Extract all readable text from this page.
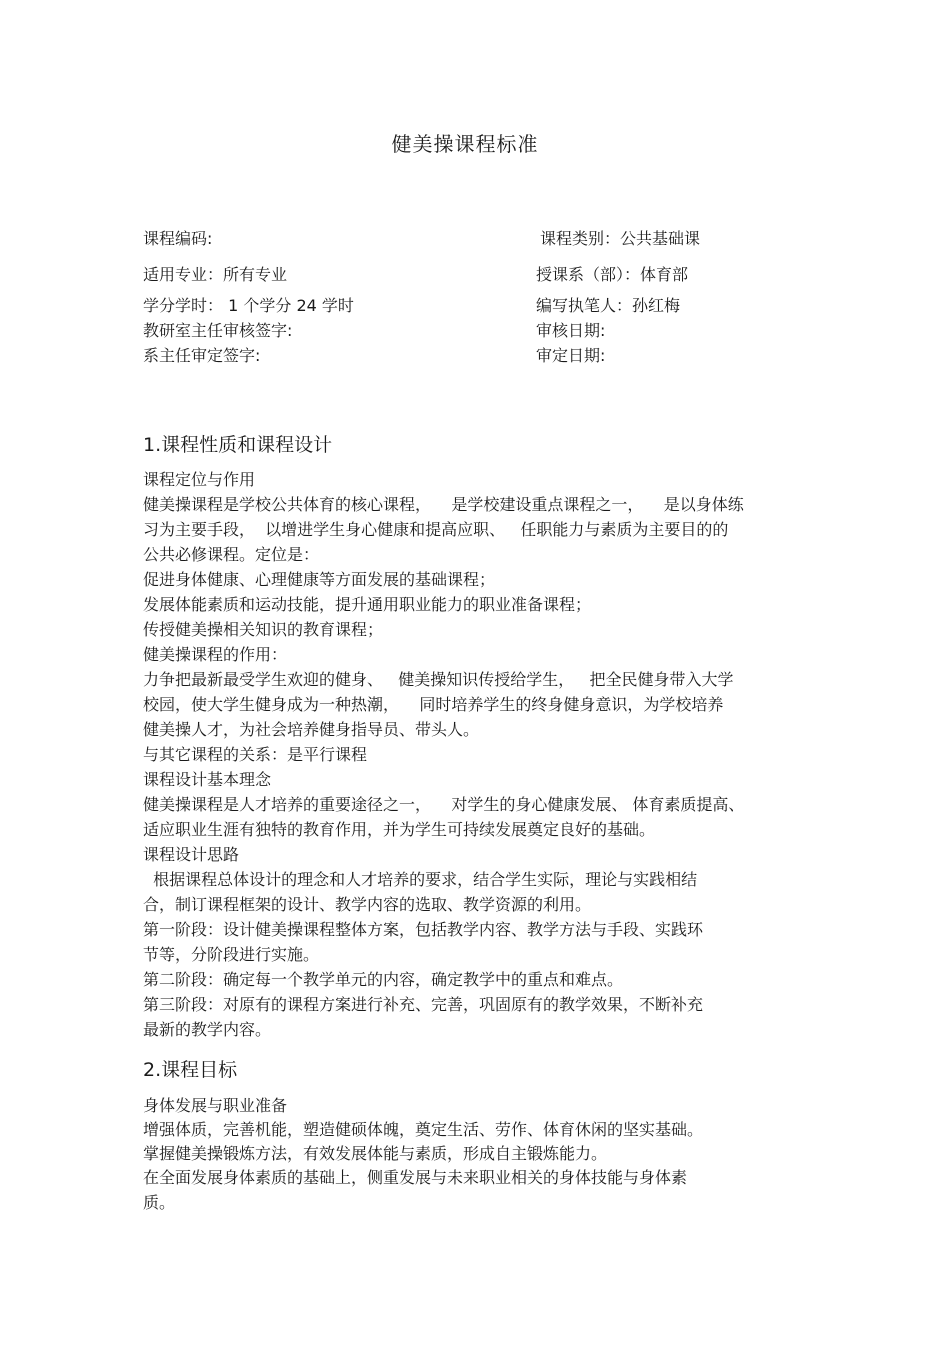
健美操课程标准
课程编码:	课程类别：公共基础课
适用专业：所有专业	授课系（部）：体育部
学分学时： 1 个学分 24 学时	编写执笔人：孙红梅
教研室主任审核签字:	审核日期:
系主任审定签字:	审定日期:
1.课程性质和课程设计
课程定位与作用
健美操课程是学校公共体育的核心课程，    是学校建设重点课程之一，    是以身体练
习为主要手段，  以增进学生身心健康和提高应职、   任职能力与素质为主要目的的
公共必修课程。定位是：
促进身体健康、心理健康等方面发展的基础课程；
发展体能素质和运动技能，提升通用职业能力的职业准备课程；
传授健美操相关知识的教育课程；
健美操课程的作用：
力争把最新最受学生欢迎的健身、   健美操知识传授给学生，   把全民健身带入大学
校园，使大学生健身成为一种热潮，    同时培养学生的终身健身意识，为学校培养
健美操人才，为社会培养健身指导员、带头人。
与其它课程的关系：是平行课程
课程设计基本理念
健美操课程是人才培养的重要途径之一，    对学生的身心健康发展、 体育素质提高、
适应职业生涯有独特的教育作用，并为学生可持续发展奠定良好的基础。
课程设计思路
根据课程总体设计的理念和人才培养的要求，结合学生实际，理论与实践相结
合，制订课程框架的设计、教学内容的选取、教学资源的利用。
第一阶段：设计健美操课程整体方案，包括教学内容、教学方法与手段、实践环
节等，分阶段进行实施。
第二阶段：确定每一个教学单元的内容，确定教学中的重点和难点。
第三阶段：对原有的课程方案进行补充、完善，巩固原有的教学效果，不断补充
最新的教学内容。
2.课程目标
身体发展与职业准备
增强体质，完善机能，塑造健硕体魄，奠定生活、劳作、体育休闲的坚实基础。
掌握健美操锻炼方法，有效发展体能与素质，形成自主锻炼能力。
在全面发展身体素质的基础上，侧重发展与未来职业相关的身体技能与身体素
质。
